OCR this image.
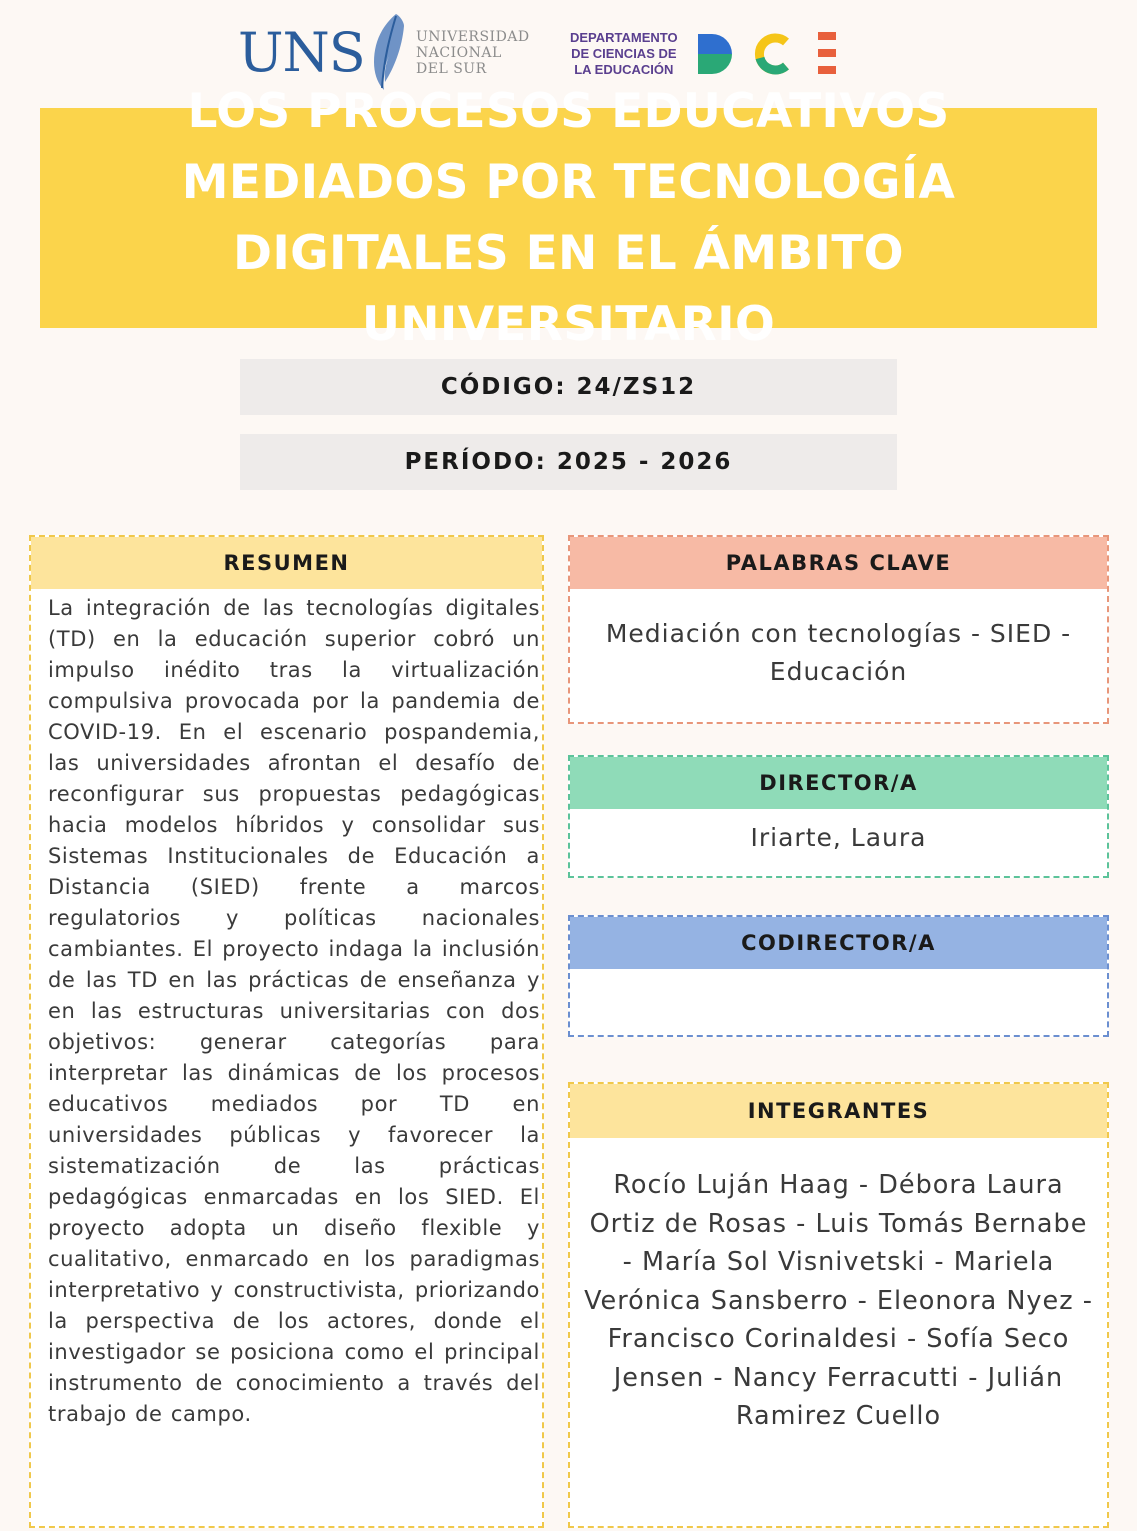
UNS	UNIVERSIDAD
NACIONAL
DEL SUR
DEPARTAMENTO
DE CIENCIAS DE
LA EDUCACIÓN
LOS PROCESOS EDUCATIVOS MEDIADOS POR TECNOLOGÍA DIGITALES EN EL ÁMBITO UNIVERSITARIO
CÓDIGO: 24/ZS12
PERÍODO: 2025 - 2026
RESUMEN
La integración de las tecnologías digitales (TD) en la educación superior cobró un impulso inédito tras la virtualización compulsiva provocada por la pandemia de COVID-19. En el escenario pospandemia, las universidades afrontan el desafío de reconfigurar sus propuestas pedagógicas hacia modelos híbridos y consolidar sus Sistemas Institucionales de Educación a Distancia (SIED) frente a marcos regulatorios y políticas nacionales cambiantes. El proyecto indaga la inclusión de las TD en las prácticas de enseñanza y en las estructuras universitarias con dos objetivos: generar categorías para interpretar las dinámicas de los procesos educativos mediados por TD en universidades públicas y favorecer la sistematización de las prácticas pedagógicas enmarcadas en los SIED. El proyecto adopta un diseño flexible y cualitativo, enmarcado en los paradigmas interpretativo y constructivista, priorizando la perspectiva de los actores, donde el investigador se posiciona como el principal instrumento de conocimiento a través del trabajo de campo.
PALABRAS CLAVE
Mediación con tecnologías - SIED - Educación
DIRECTOR/A
Iriarte, Laura
CODIRECTOR/A
INTEGRANTES
Rocío Luján Haag - Débora Laura Ortiz de Rosas - Luis Tomás Bernabe - María Sol Visnivetski - Mariela Verónica Sansberro - Eleonora Nyez - Francisco Corinaldesi - Sofía Seco Jensen - Nancy Ferracutti - Julián Ramirez Cuello
